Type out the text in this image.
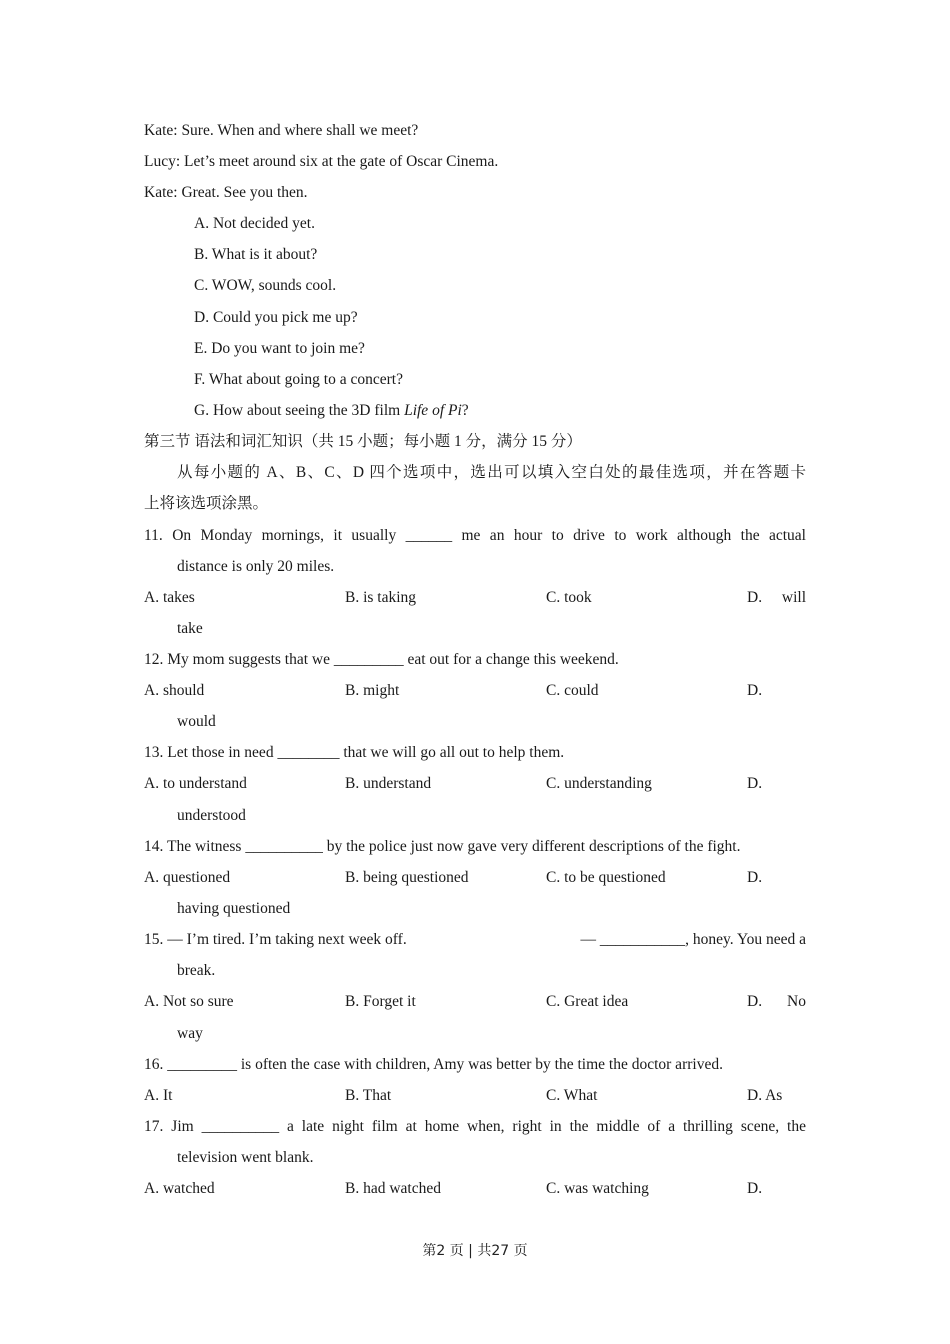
Kate: Sure. When and where shall we meet?
Lucy: Let’s meet around six at the gate of Oscar Cinema.
Kate: Great. See you then.
A. Not decided yet.
B. What is it about?
C. WOW, sounds cool.
D. Could you pick me up?
E. Do you want to join me?
F. What about going to a concert?
G. How about seeing the 3D film Life of Pi?
第三节 语法和词汇知识（共 15 小题；每小题 1 分，满分 15 分）
从每小题的 A、B、C、D 四个选项中，选出可以填入空白处的最佳选项，并在答题卡
上将该选项涂黑。
11. On Monday mornings, it usually ______ me an hour to drive to work although the actual
distance is only 20 miles.
A. takes	B. is taking	C. took	D. will
take
12. My mom suggests that we _________ eat out for a change this weekend.
A. should	B. might	C. could	D.
would
13. Let those in need ________ that we will go all out to help them.
A. to understand	B. understand	C. understanding	D.
understood
14. The witness __________ by the police just now gave very different descriptions of the fight.
A. questioned	B. being questioned	C. to be questioned	D.
having questioned
15. — I’m tired. I’m taking next week off.	— ___________, honey. You need a
break.
A. Not so sure	B. Forget it	C. Great idea	D. No
way
16. _________ is often the case with children, Amy was better by the time the doctor arrived.
A. It	B. That	C. What	D. As
17. Jim __________ a late night film at home when, right in the middle of a thrilling scene, the
television went blank.
A. watched	B. had watched	C. was watching	D.
第2 页 | 共27 页
